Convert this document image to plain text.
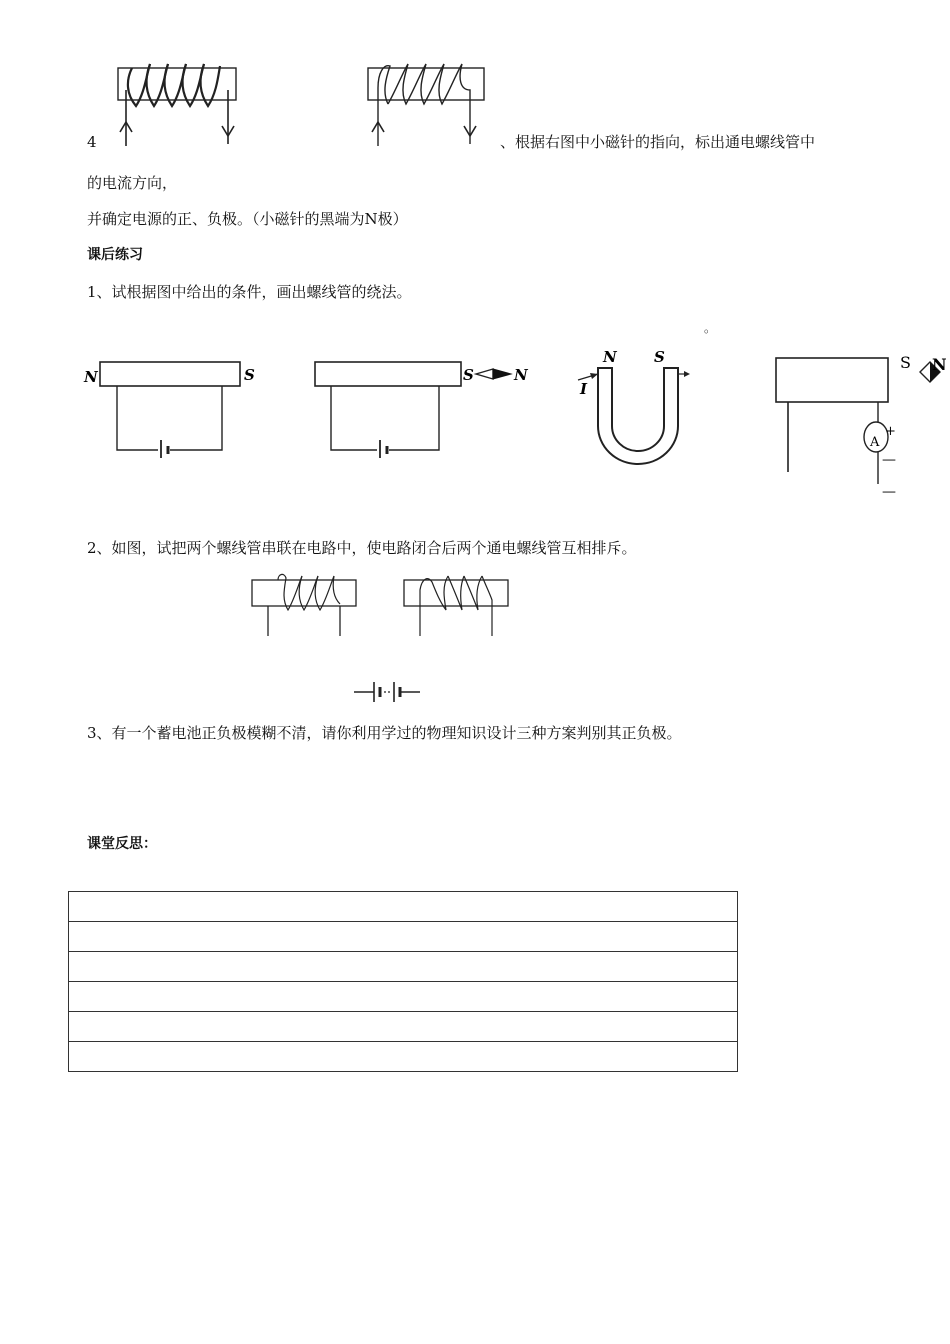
4	、根据右图中小磁针的指向，标出通电螺线管中
的电流方向，
并确定电源的正、负极。（小磁针的黑端为N极）
课后练习
1、试根据图中给出的条件，画出螺线管的绕法。
。
N	S	S	N
N S
I
A
+
—
—
S N
2、如图，试把两个螺线管串联在电路中，使电路闭合后两个通电螺线管互相排斥。
3、有一个蓄电池正负极模糊不清，请你利用学过的物理知识设计三种方案判别其正负极。
课堂反思：
